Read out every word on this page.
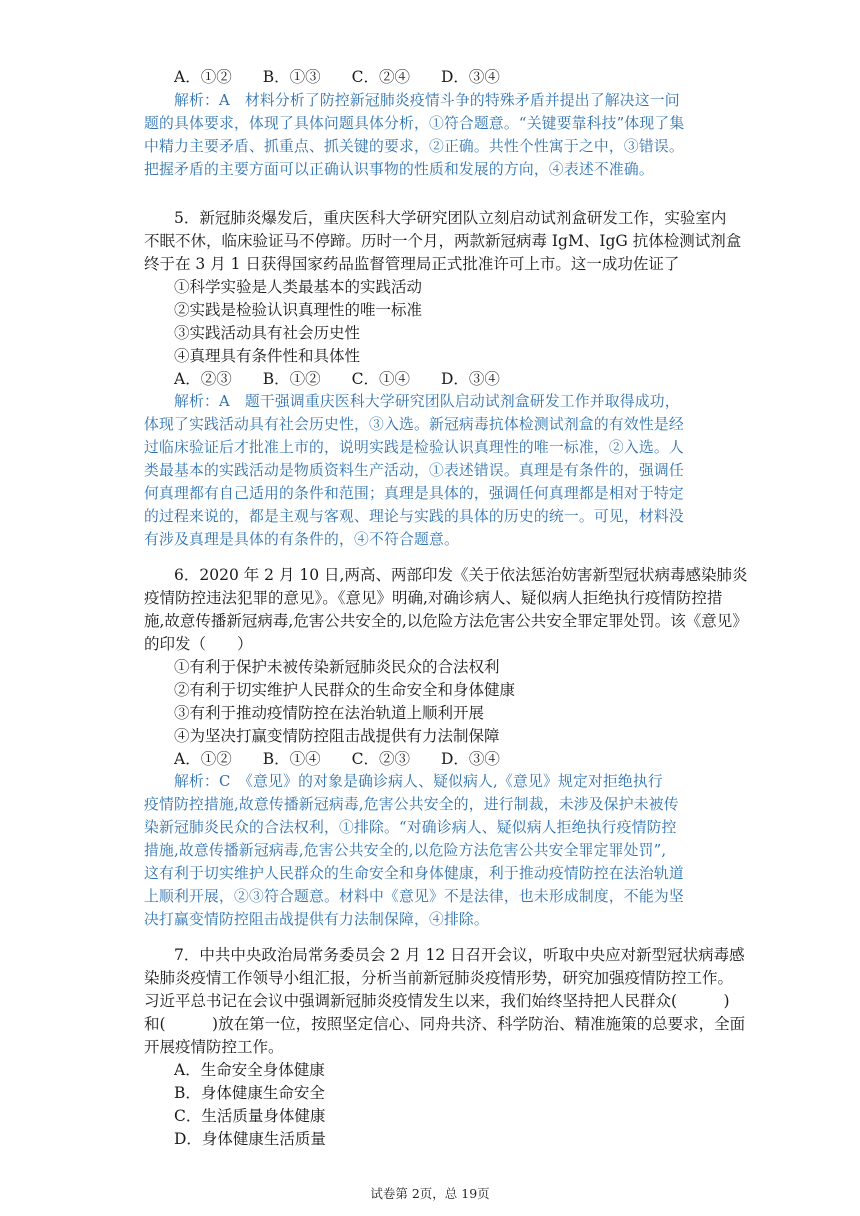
A．①②　　B．①③　　C．②④　　D．③④
解析：A　材料分析了防控新冠肺炎疫情斗争的特殊矛盾并提出了解决这一问
题的具体要求，体现了具体问题具体分析，①符合题意。“关键要靠科技”体现了集
中精力主要矛盾、抓重点、抓关键的要求，②正确。共性个性寓于之中，③错误。
把握矛盾的主要方面可以正确认识事物的性质和发展的方向，④表述不准确。
5．新冠肺炎爆发后，重庆医科大学研究团队立刻启动试剂盒研发工作，实验室内
不眠不休，临床验证马不停蹄。历时一个月，两款新冠病毒 IgM、IgG 抗体检测试剂盒
终于在 3 月 1 日获得国家药品监督管理局正式批准许可上市。这一成功佐证了
①科学实验是人类最基本的实践活动
②实践是检验认识真理性的唯一标准
③实践活动具有社会历史性
④真理具有条件性和具体性
A．②③　　B．①②　　C．①④　　D．③④
解析：A　题干强调重庆医科大学研究团队启动试剂盒研发工作并取得成功，
体现了实践活动具有社会历史性，③入选。新冠病毒抗体检测试剂盒的有效性是经
过临床验证后才批准上市的，说明实践是检验认识真理性的唯一标准，②入选。人
类最基本的实践活动是物质资料生产活动，①表述错误。真理是有条件的，强调任
何真理都有自己适用的条件和范围；真理是具体的，强调任何真理都是相对于特定
的过程来说的，都是主观与客观、理论与实践的具体的历史的统一。可见，材料没
有涉及真理是具体的有条件的，④不符合题意。
6．2020 年 2 月 10 日,两高、两部印发《关于依法惩治妨害新型冠状病毒感染肺炎
疫情防控违法犯罪的意见》。《意见》明确,对确诊病人、疑似病人拒绝执行疫情防控措
施,故意传播新冠病毒,危害公共安全的,以危险方法危害公共安全罪定罪处罚。该《意见》
的印发（　　）
①有利于保护未被传染新冠肺炎民众的合法权利
②有利于切实维护人民群众的生命安全和身体健康
③有利于推动疫情防控在法治轨道上顺利开展
④为坚决打赢变情防控阻击战提供有力法制保障
A．①②　　B．①④　　C．②③　　D．③④
解析：C　《意见》的对象是确诊病人、疑似病人,《意见》规定对拒绝执行
疫情防控措施,故意传播新冠病毒,危害公共安全的，进行制裁，未涉及保护未被传
染新冠肺炎民众的合法权利，①排除。“对确诊病人、疑似病人拒绝执行疫情防控
措施,故意传播新冠病毒,危害公共安全的,以危险方法危害公共安全罪定罪处罚”,
这有利于切实维护人民群众的生命安全和身体健康，利于推动疫情防控在法治轨道
上顺利开展，②③符合题意。材料中《意见》不是法律，也未形成制度，不能为坚
决打赢变情防控阻击战提供有力法制保障，④排除。
7．中共中央政治局常务委员会 2 月 12 日召开会议，听取中央应对新型冠状病毒感
染肺炎疫情工作领导小组汇报，分析当前新冠肺炎疫情形势，研究加强疫情防控工作。
习近平总书记在会议中强调新冠肺炎疫情发生以来，我们始终坚持把人民群众(　　　)
和(　　　)放在第一位，按照坚定信心、同舟共济、科学防治、精准施策的总要求，全面
开展疫情防控工作。
A．生命安全身体健康
B．身体健康生命安全
C．生活质量身体健康
D．身体健康生活质量
试卷第 2页，总 19页
